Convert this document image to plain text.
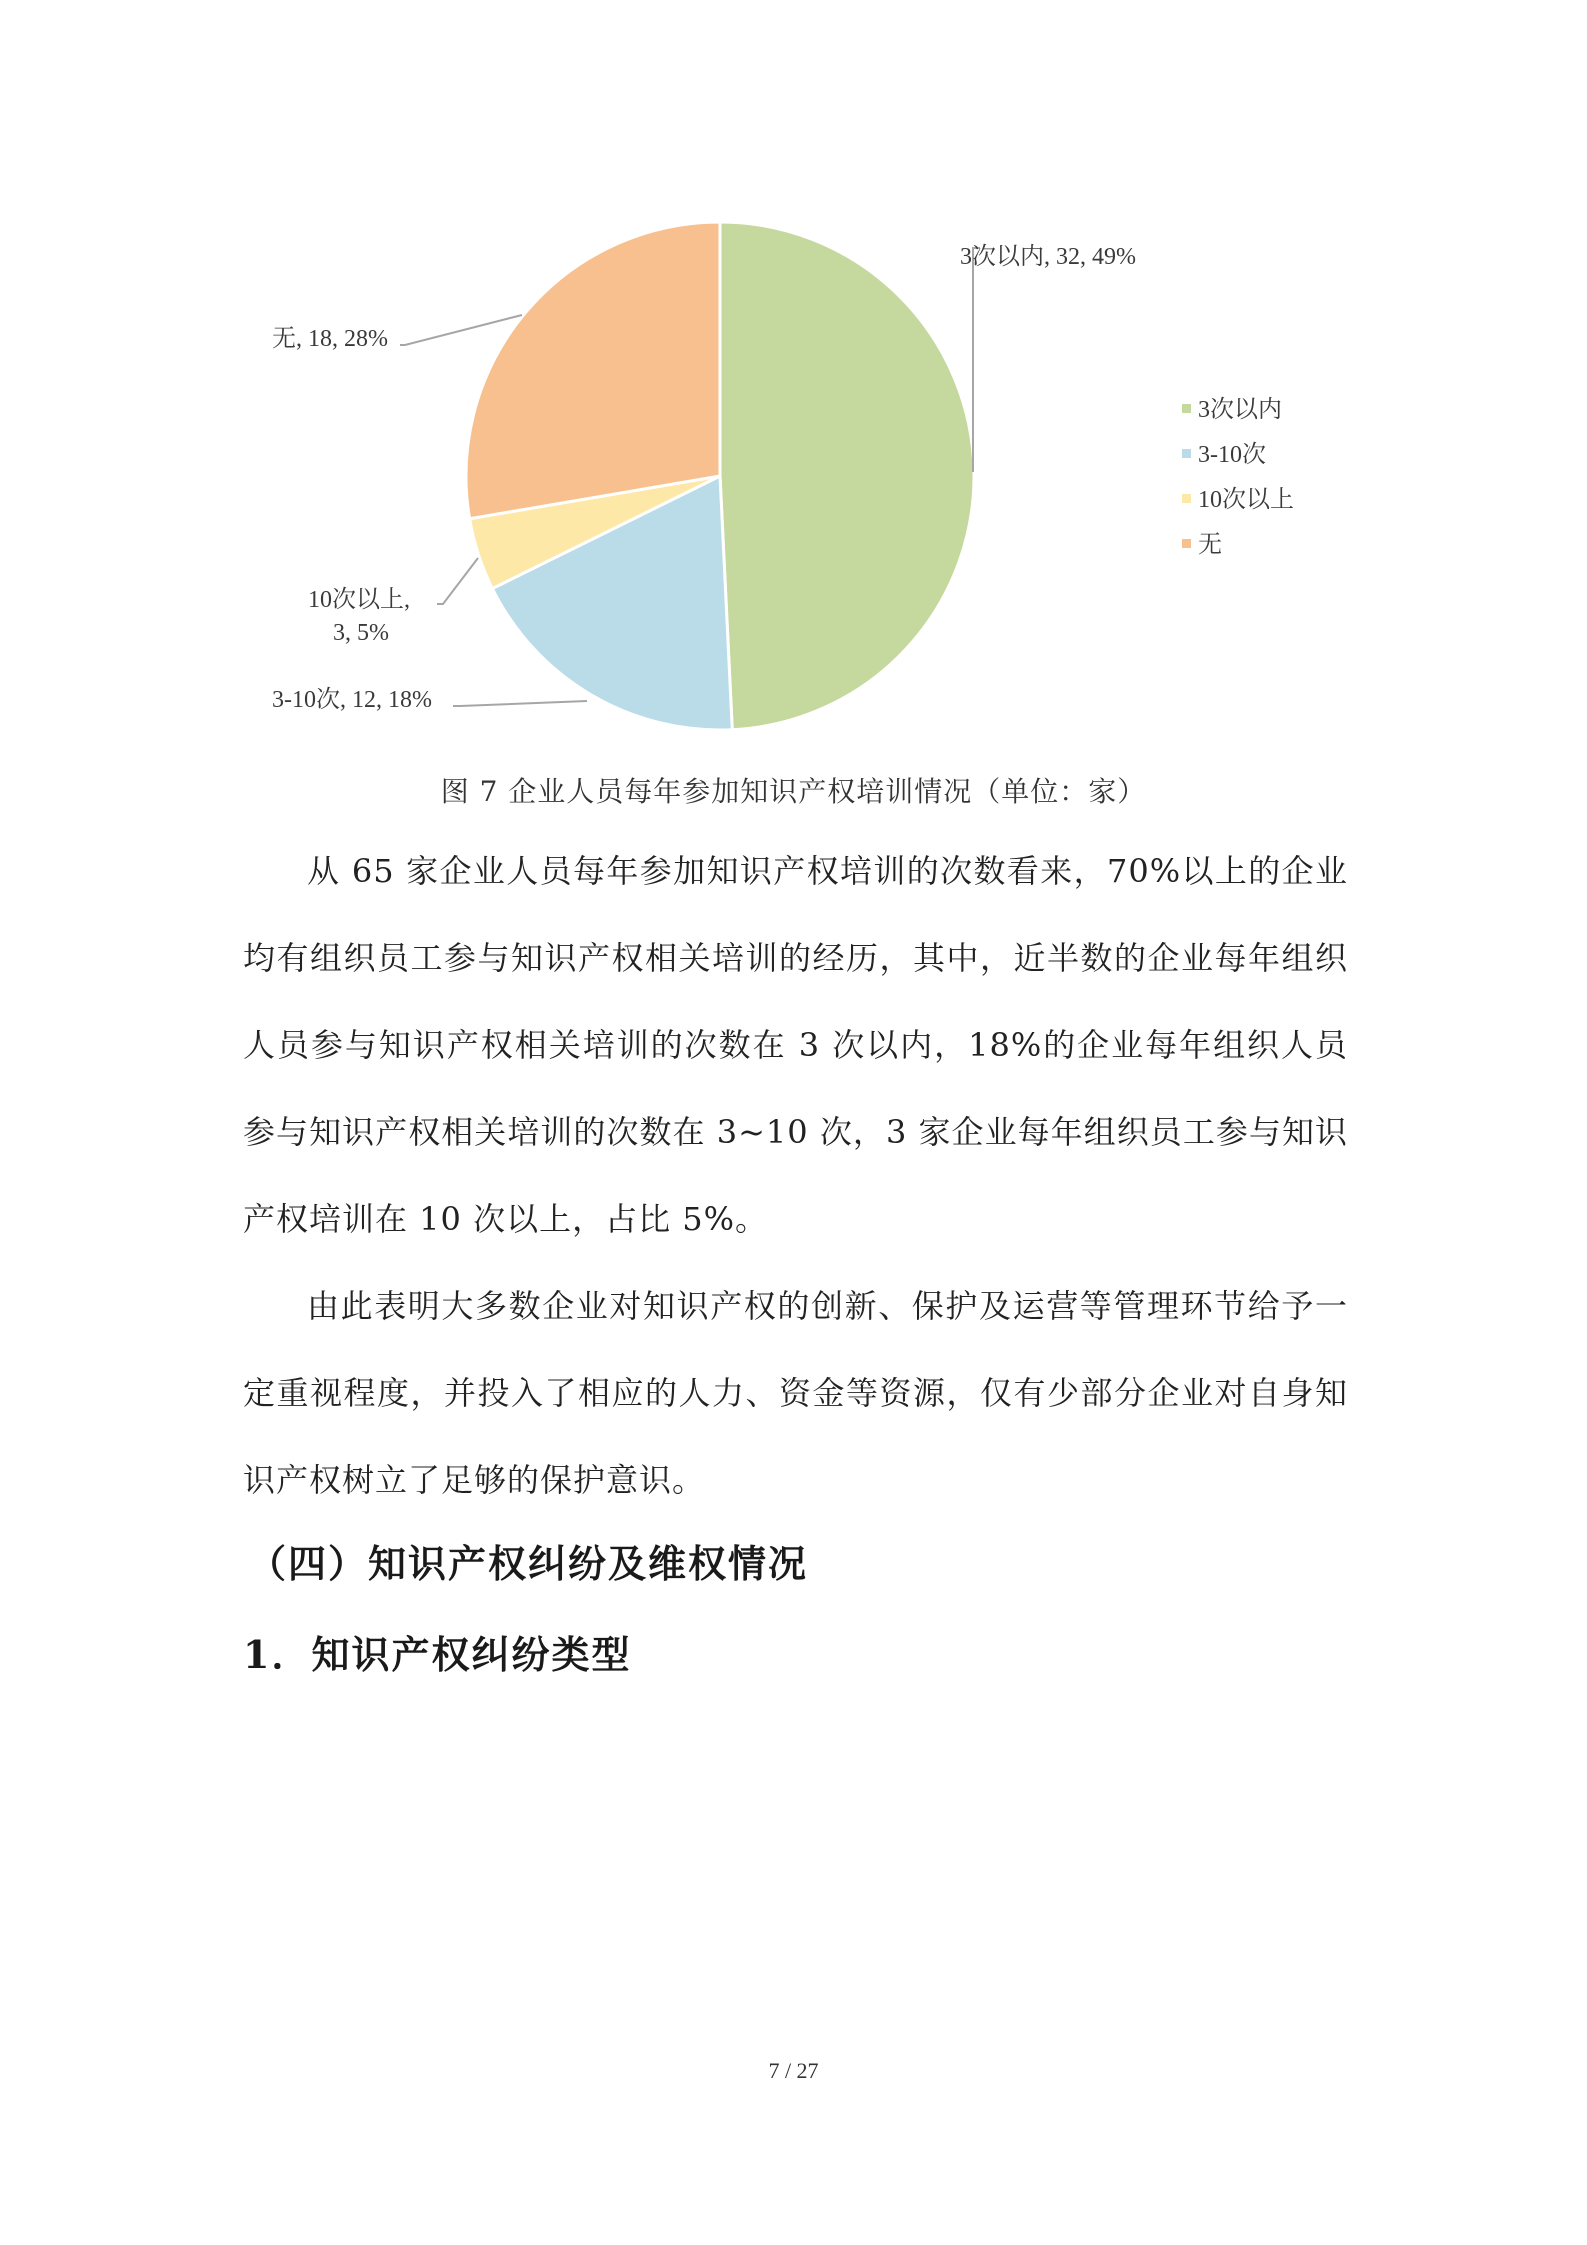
3次以内, 32, 49%
无, 18, 28%
10次以上,
3, 5%
3-10次, 12, 18%
3次以内
3-10次
10次以上
无
图 7 企业人员每年参加知识产权培训情况（单位：家）

从 65 家企业人员每年参加知识产权培训的次数看来，70%以上的企业均有组织员工参与知识产权相关培训的经历，其中，近半数的企业每年组织人员参与知识产权相关培训的次数在 3 次以内，18%的企业每年组织人员参与知识产权相关培训的次数在 3~10 次，3 家企业每年组织员工参与知识产权培训在 10 次以上，占比 5%。

由此表明大多数企业对知识产权的创新、保护及运营等管理环节给予一定重视程度，并投入了相应的人力、资金等资源，仅有少部分企业对自身知识产权树立了足够的保护意识。

（四）知识产权纠纷及维权情况
1．知识产权纠纷类型
7 / 27
